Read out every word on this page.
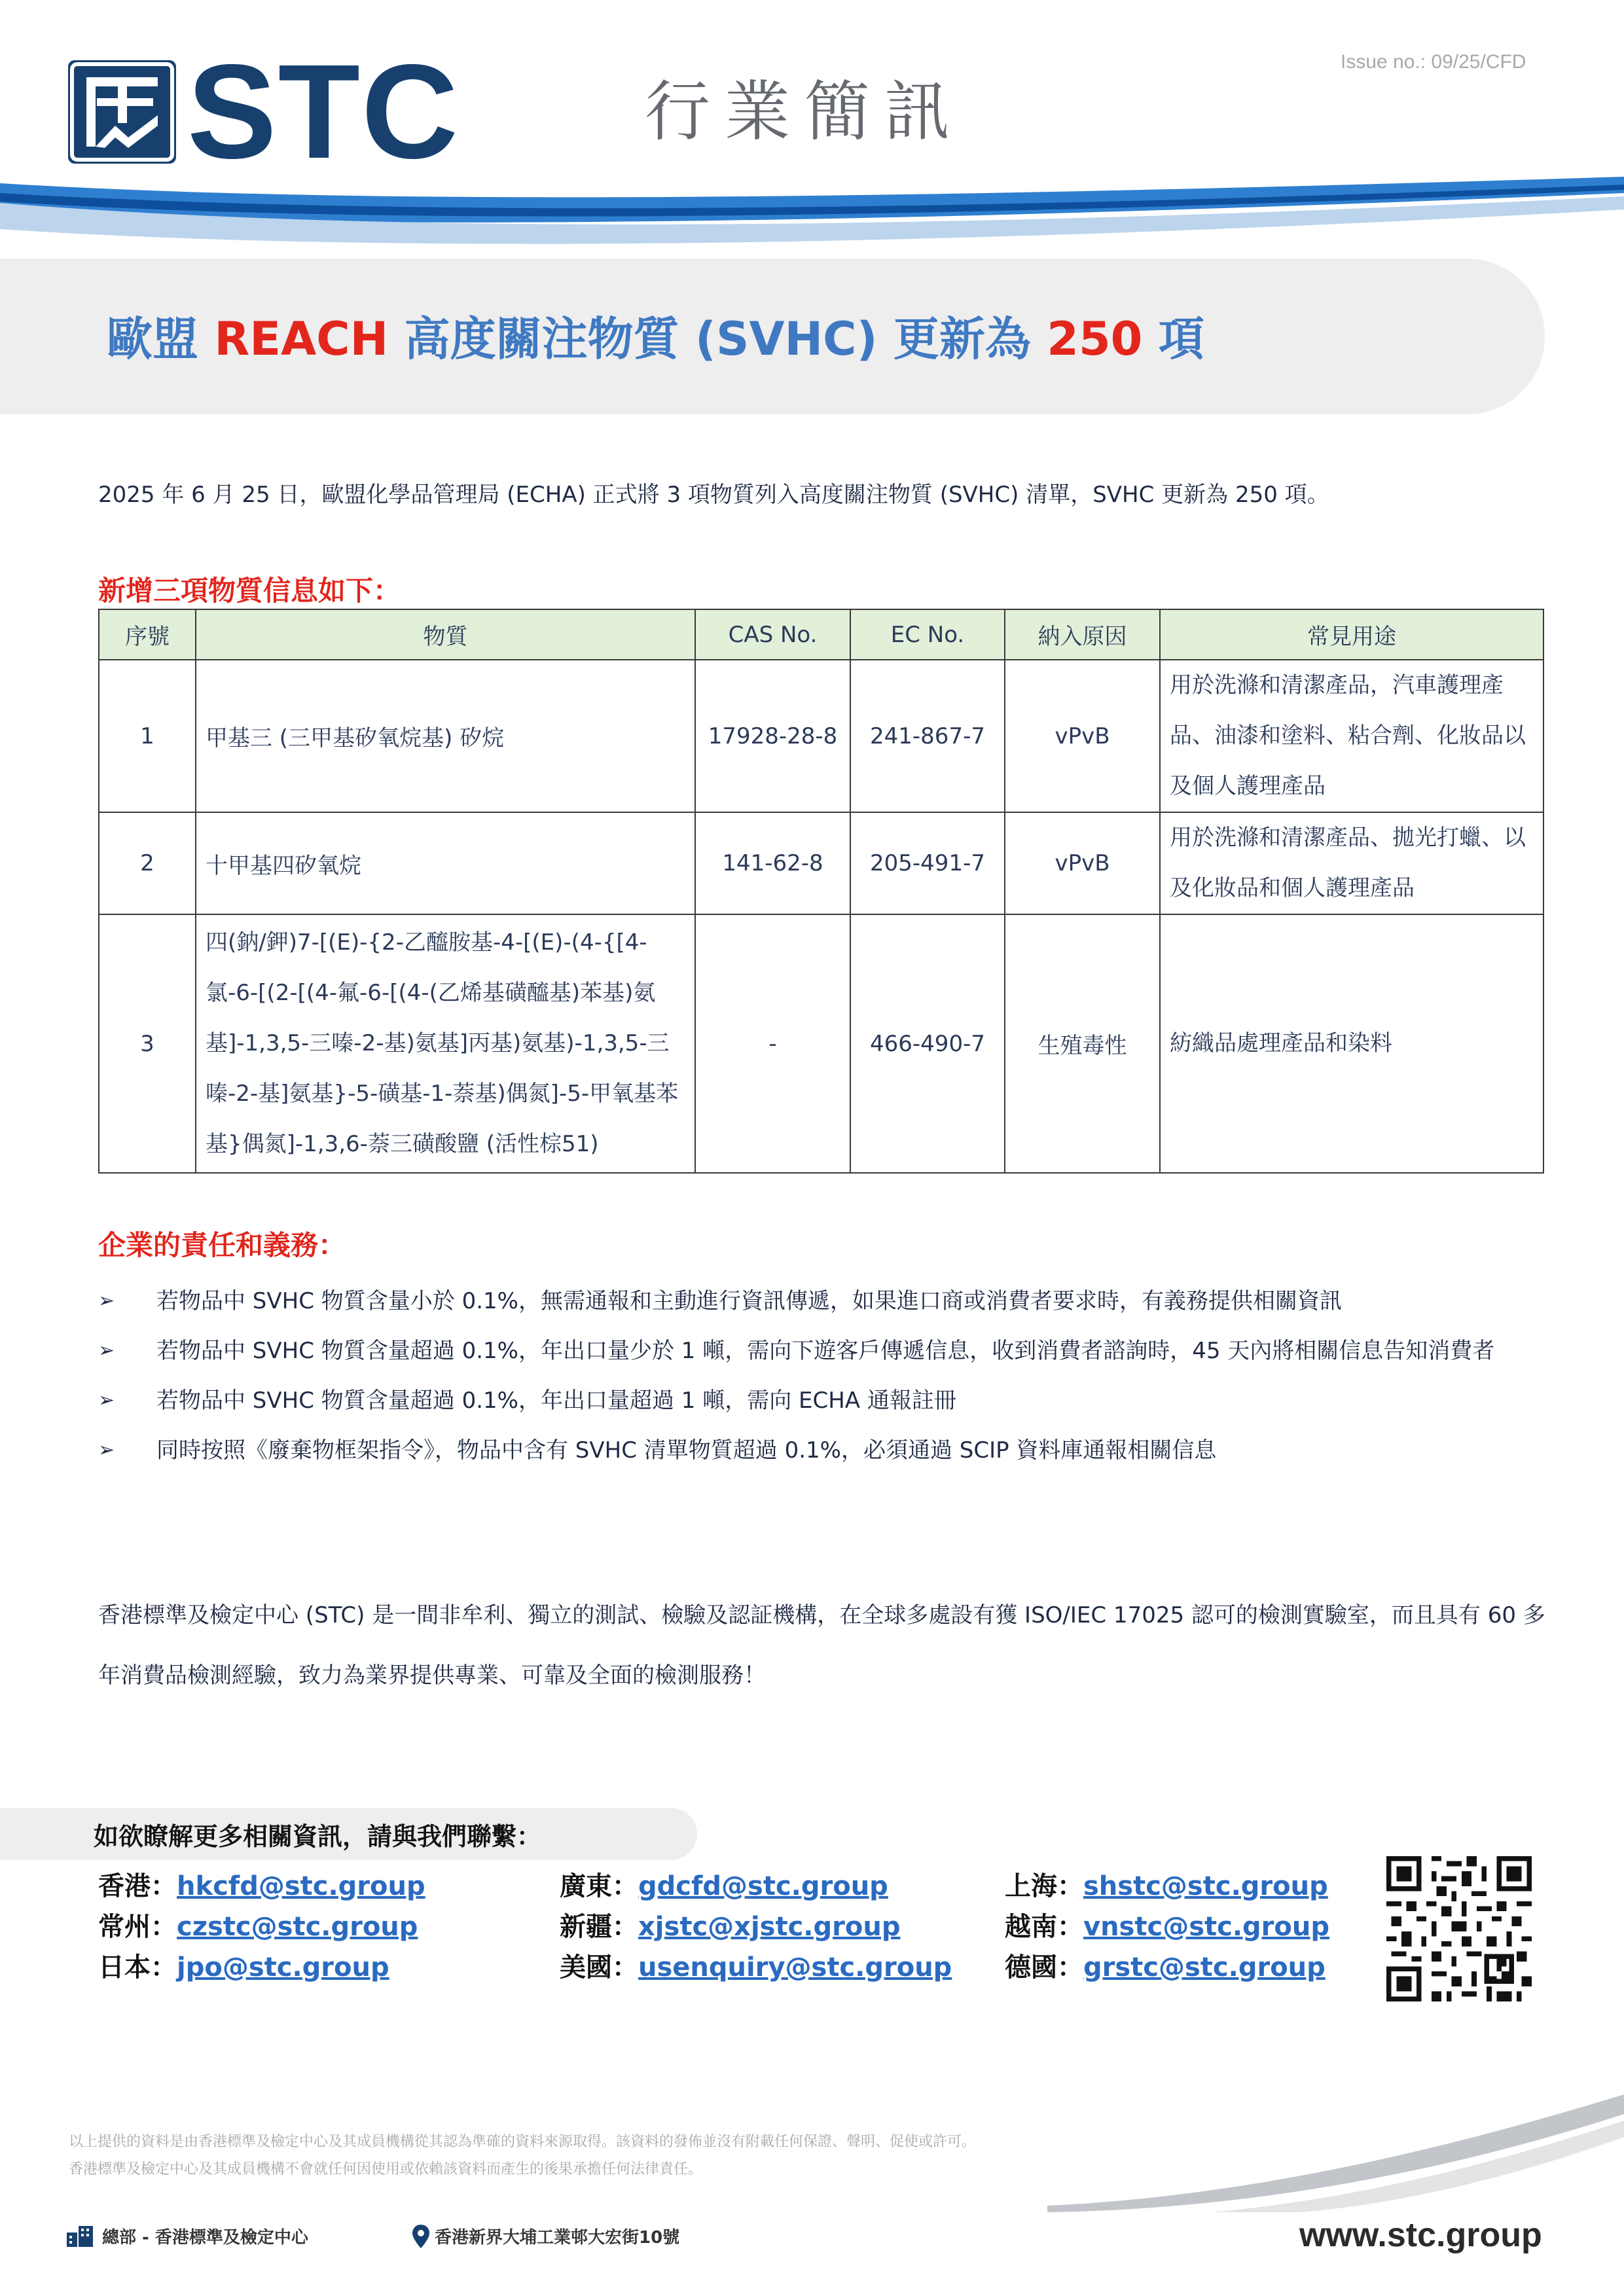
STC	行業簡訊
Issue no.: 09/25/CFD
歐盟 REACH 高度關注物質 (SVHC) 更新為 250 項
2025 年 6 月 25 日，歐盟化學品管理局 (ECHA) 正式將 3 項物質列入高度關注物質 (SVHC) 清單，SVHC 更新為 250 項。
新增三項物質信息如下：
序號	物質	CAS No.	EC No.	納入原因	常見用途
1	甲基三 (三甲基矽氧烷基) 矽烷	17928-28-8	241-867-7	vPvB	用於洗滌和清潔產品，汽車護理產品、油漆和塗料、粘合劑、化妝品以及個人護理產品
2	十甲基四矽氧烷	141-62-8	205-491-7	vPvB	用於洗滌和清潔產品、拋光打蠟、以及化妝品和個人護理產品
3	四(鈉/鉀)7-[(E)-{2-乙醯胺基-4-[(E)-(4-{[4-氯-6-[(2-[(4-氟-6-[(4-(乙烯基磺醯基)苯基)氨基]-1,3,5-三嗪-2-基)氨基]丙基)氨基)-1,3,5-三嗪-2-基]氨基}-5-磺基-1-萘基)偶氮]-5-甲氧基苯基}偶氮]-1,3,6-萘三磺酸鹽 (活性棕51)	-	466-490-7	生殖毒性	紡織品處理產品和染料
企業的責任和義務：
➢ 若物品中 SVHC 物質含量小於 0.1%，無需通報和主動進行資訊傳遞，如果進口商或消費者要求時，有義務提供相關資訊
➢ 若物品中 SVHC 物質含量超過 0.1%，年出口量少於 1 噸，需向下遊客戶傳遞信息，收到消費者諮詢時，45 天內將相關信息告知消費者
➢ 若物品中 SVHC 物質含量超過 0.1%，年出口量超過 1 噸，需向 ECHA 通報註冊
➢ 同時按照《廢棄物框架指令》，物品中含有 SVHC 清單物質超過 0.1%，必須通過 SCIP 資料庫通報相關信息
香港標準及檢定中心 (STC) 是一間非牟利、獨立的測試、檢驗及認証機構，在全球多處設有獲 ISO/IEC 17025 認可的檢測實驗室，而且具有 60 多年消費品檢測經驗，致力為業界提供專業、可靠及全面的檢測服務！
如欲瞭解更多相關資訊，請與我們聯繫：
香港：hkcfd@stc.group	廣東：gdcfd@stc.group	上海：shstc@stc.group
常州：czstc@stc.group	新疆：xjstc@xjstc.group	越南：vnstc@stc.group
日本：jpo@stc.group	美國：usenquiry@stc.group 德國：grstc@stc.group
以上提供的資料是由香港標準及檢定中心及其成員機構從其認為準確的資料來源取得。該資料的發佈並沒有附載任何保證、聲明、促使或許可。
香港標準及檢定中心及其成員機構不會就任何因使用或依賴該資料而產生的後果承擔任何法律責任。
總部 - 香港標準及檢定中心	香港新界大埔工業邨大宏街10號	www.stc.group
